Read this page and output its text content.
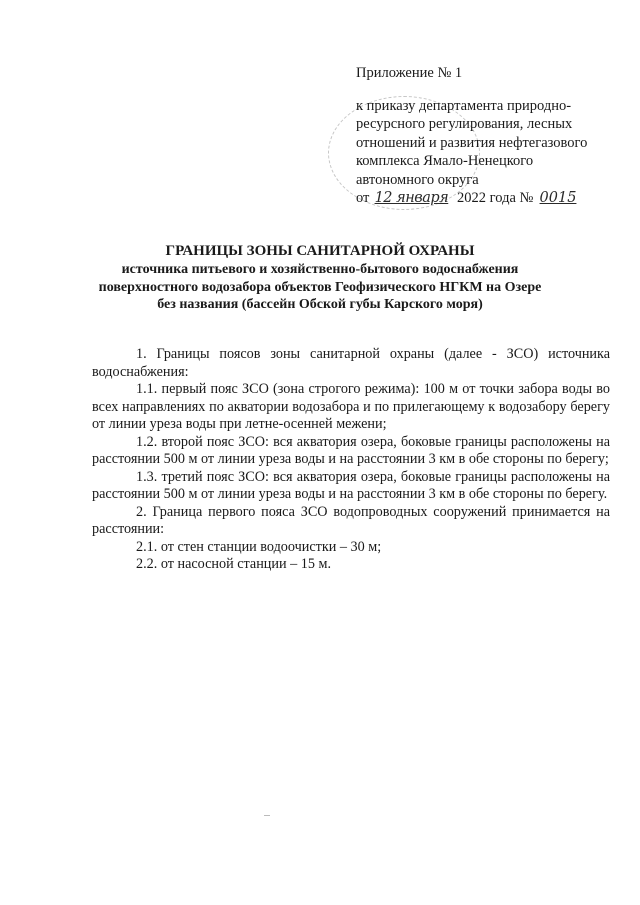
Приложение № 1
к приказу департамента природно-ресурсного регулирования, лесных отношений и развития нефтегазового комплекса Ямало-Ненецкого автономного округа
от 12 января 2022 года № 0015
ГРАНИЦЫ ЗОНЫ САНИТАРНОЙ ОХРАНЫ
источника питьевого и хозяйственно-бытового водоснабжения поверхностного водозабора объектов Геофизического НГКМ на Озере без названия (бассейн Обской губы Карского моря)

1. Границы поясов зоны санитарной охраны (далее - ЗСО) источника водоснабжения:

1.1. первый пояс ЗСО (зона строгого режима): 100 м от точки забора воды во всех направлениях по акватории водозабора и по прилегающему к водозабору берегу от линии уреза воды при летне-осенней межени;

1.2. второй пояс ЗСО: вся акватория озера, боковые границы расположены на расстоянии 500 м от линии уреза воды и на расстоянии 3 км в обе стороны по берегу;

1.3. третий пояс ЗСО: вся акватория озера, боковые границы расположены на расстоянии 500 м от линии уреза воды и на расстоянии 3 км в обе стороны по берегу.

2. Граница первого пояса ЗСО водопроводных сооружений принимается на расстоянии:

2.1. от стен станции водоочистки – 30 м;

2.2. от насосной станции – 15 м.
